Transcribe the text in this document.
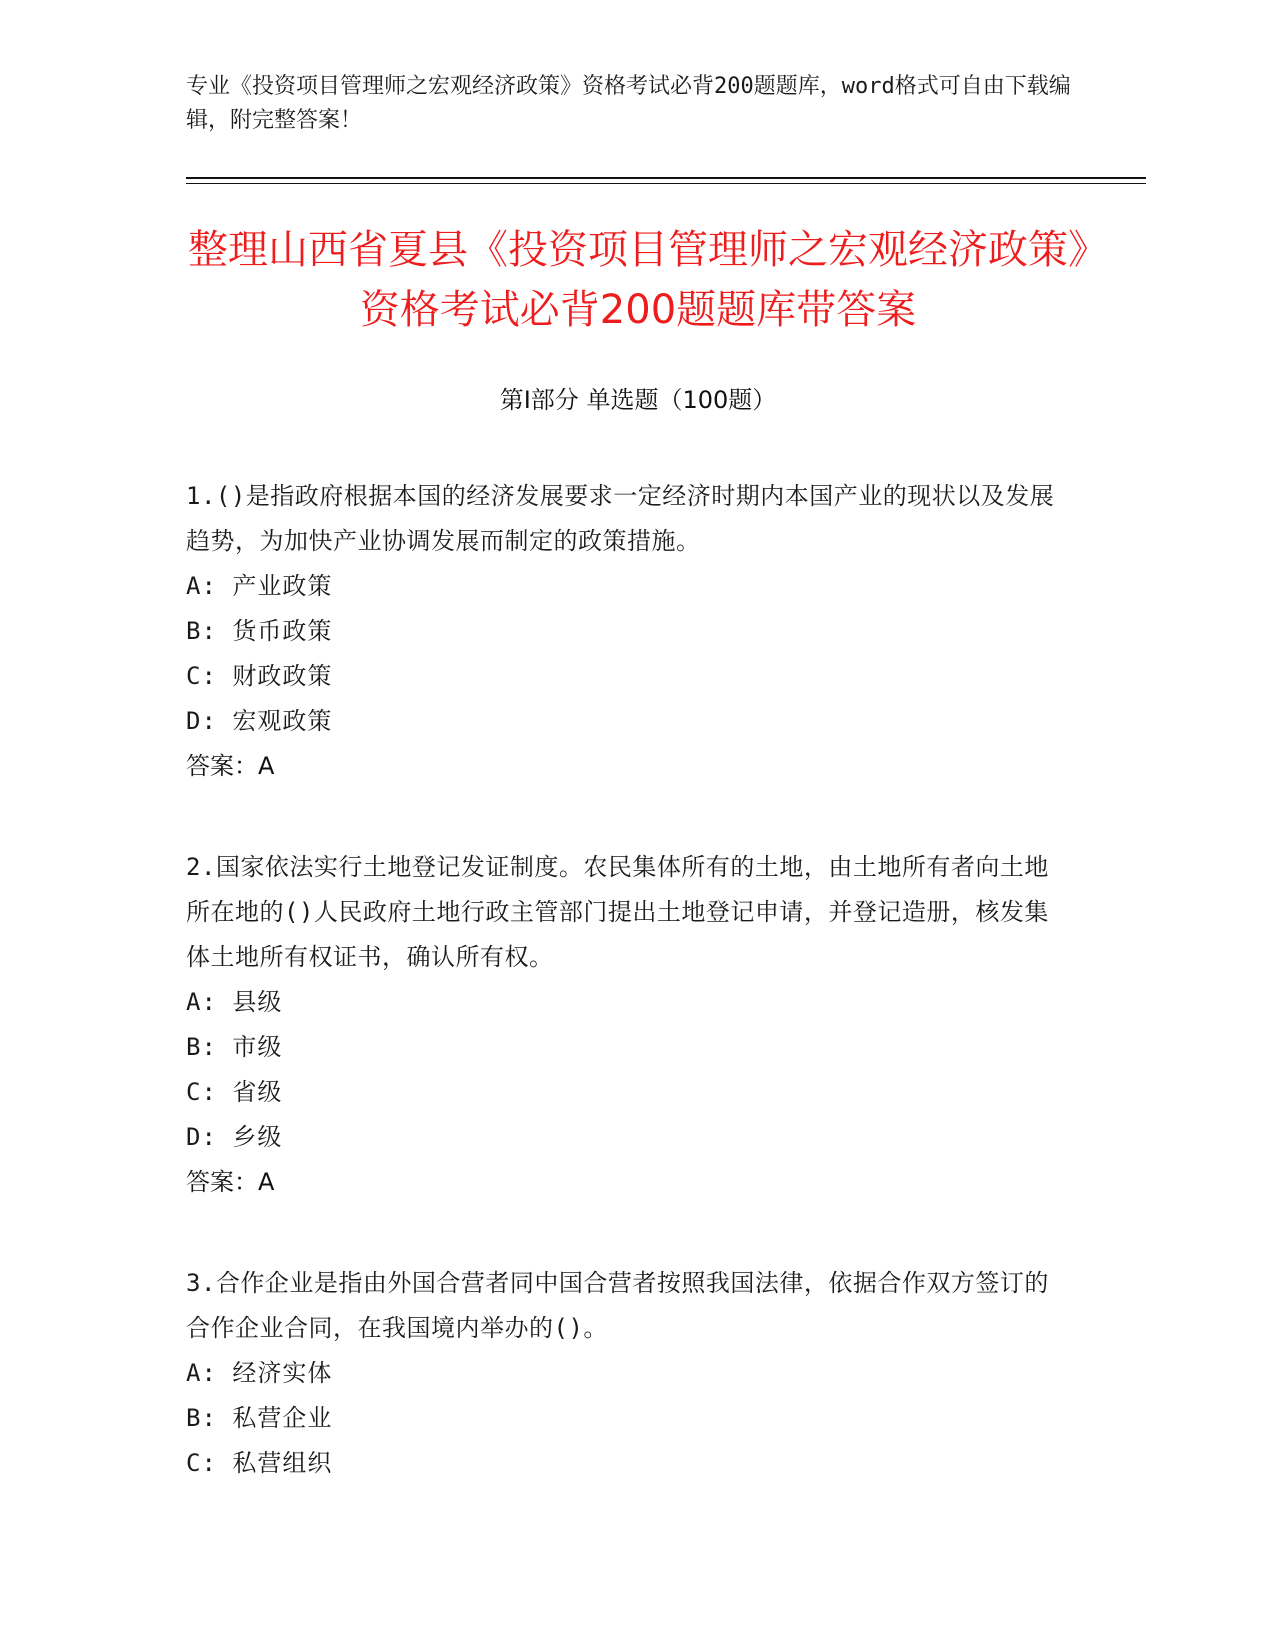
专业《投资项目管理师之宏观经济政策》资格考试必背200题题库，word格式可自由下载编辑，附完整答案！
整理山西省夏县《投资项目管理师之宏观经济政策》资格考试必背200题题库带答案
第Ⅰ部分 单选题（100题）
1.()是指政府根据本国的经济发展要求一定经济时期内本国产业的现状以及发展趋势，为加快产业协调发展而制定的政策措施。
A: 产业政策
B: 货币政策
C: 财政政策
D: 宏观政策
答案：A
2.国家依法实行土地登记发证制度。农民集体所有的土地，由土地所有者向土地所在地的()人民政府土地行政主管部门提出土地登记申请，并登记造册，核发集体土地所有权证书，确认所有权。
A: 县级
B: 市级
C: 省级
D: 乡级
答案：A
3.合作企业是指由外国合营者同中国合营者按照我国法律，依据合作双方签订的合作企业合同，在我国境内举办的()。
A: 经济实体
B: 私营企业
C: 私营组织
